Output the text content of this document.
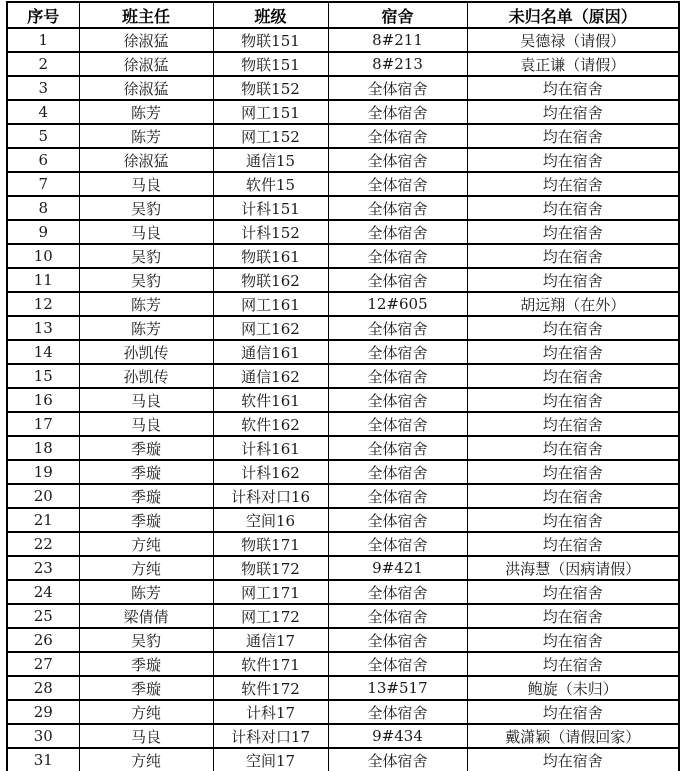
序号	班主任	班级	宿舍	未归名单（原因）
1	徐淑猛	物联151	8#211	吴德禄（请假）
2	徐淑猛	物联151	8#213	袁正谦（请假）
3	徐淑猛	物联152	全体宿舍	均在宿舍
4	陈芳	网工151	全体宿舍	均在宿舍
5	陈芳	网工152	全体宿舍	均在宿舍
6	徐淑猛	通信15	全体宿舍	均在宿舍
7	马良	软件15	全体宿舍	均在宿舍
8	吴豹	计科151	全体宿舍	均在宿舍
9	马良	计科152	全体宿舍	均在宿舍
10	吴豹	物联161	全体宿舍	均在宿舍
11	吴豹	物联162	全体宿舍	均在宿舍
12	陈芳	网工161	12#605	胡远翔（在外）
13	陈芳	网工162	全体宿舍	均在宿舍
14	孙凯传	通信161	全体宿舍	均在宿舍
15	孙凯传	通信162	全体宿舍	均在宿舍
16	马良	软件161	全体宿舍	均在宿舍
17	马良	软件162	全体宿舍	均在宿舍
18	季璇	计科161	全体宿舍	均在宿舍
19	季璇	计科162	全体宿舍	均在宿舍
20	季璇	计科对口16	全体宿舍	均在宿舍
21	季璇	空间16	全体宿舍	均在宿舍
22	方纯	物联171	全体宿舍	均在宿舍
23	方纯	物联172	9#421	洪海慧（因病请假）
24	陈芳	网工171	全体宿舍	均在宿舍
25	梁倩倩	网工172	全体宿舍	均在宿舍
26	吴豹	通信17	全体宿舍	均在宿舍
27	季璇	软件171	全体宿舍	均在宿舍
28	季璇	软件172	13#517	鲍旋（未归）
29	方纯	计科17	全体宿舍	均在宿舍
30	马良	计科对口17	9#434	戴潇颖（请假回家）
31	方纯	空间17	全体宿舍	均在宿舍
